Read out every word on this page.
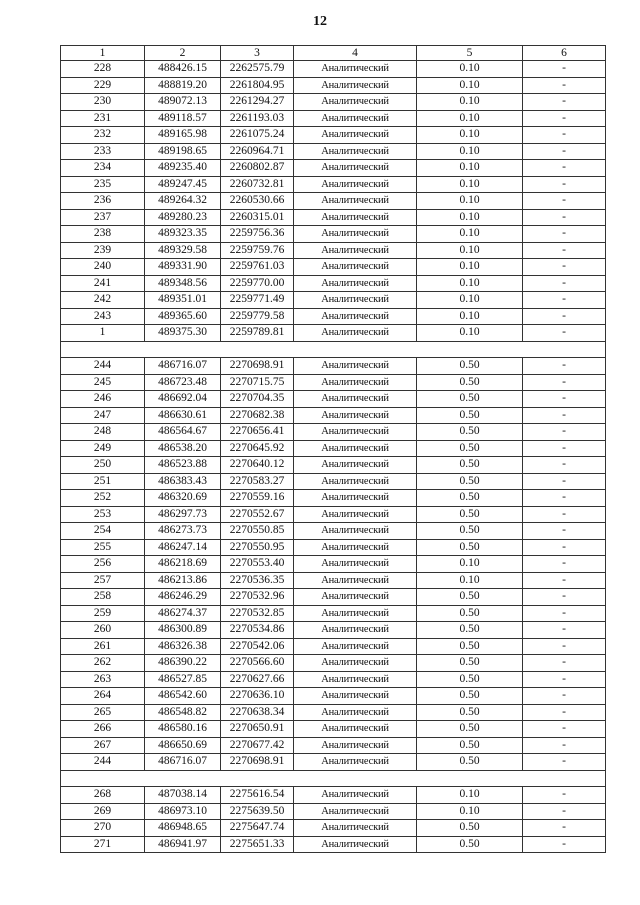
12
1	2	3	4	5	6
228	488426.15	2262575.79	Аналитический	0.10	-
229	488819.20	2261804.95	Аналитический	0.10	-
230	489072.13	2261294.27	Аналитический	0.10	-
231	489118.57	2261193.03	Аналитический	0.10	-
232	489165.98	2261075.24	Аналитический	0.10	-
233	489198.65	2260964.71	Аналитический	0.10	-
234	489235.40	2260802.87	Аналитический	0.10	-
235	489247.45	2260732.81	Аналитический	0.10	-
236	489264.32	2260530.66	Аналитический	0.10	-
237	489280.23	2260315.01	Аналитический	0.10	-
238	489323.35	2259756.36	Аналитический	0.10	-
239	489329.58	2259759.76	Аналитический	0.10	-
240	489331.90	2259761.03	Аналитический	0.10	-
241	489348.56	2259770.00	Аналитический	0.10	-
242	489351.01	2259771.49	Аналитический	0.10	-
243	489365.60	2259779.58	Аналитический	0.10	-
1	489375.30	2259789.81	Аналитический	0.10	-

244	486716.07	2270698.91	Аналитический	0.50	-
245	486723.48	2270715.75	Аналитический	0.50	-
246	486692.04	2270704.35	Аналитический	0.50	-
247	486630.61	2270682.38	Аналитический	0.50	-
248	486564.67	2270656.41	Аналитический	0.50	-
249	486538.20	2270645.92	Аналитический	0.50	-
250	486523.88	2270640.12	Аналитический	0.50	-
251	486383.43	2270583.27	Аналитический	0.50	-
252	486320.69	2270559.16	Аналитический	0.50	-
253	486297.73	2270552.67	Аналитический	0.50	-
254	486273.73	2270550.85	Аналитический	0.50	-
255	486247.14	2270550.95	Аналитический	0.50	-
256	486218.69	2270553.40	Аналитический	0.10	-
257	486213.86	2270536.35	Аналитический	0.10	-
258	486246.29	2270532.96	Аналитический	0.50	-
259	486274.37	2270532.85	Аналитический	0.50	-
260	486300.89	2270534.86	Аналитический	0.50	-
261	486326.38	2270542.06	Аналитический	0.50	-
262	486390.22	2270566.60	Аналитический	0.50	-
263	486527.85	2270627.66	Аналитический	0.50	-
264	486542.60	2270636.10	Аналитический	0.50	-
265	486548.82	2270638.34	Аналитический	0.50	-
266	486580.16	2270650.91	Аналитический	0.50	-
267	486650.69	2270677.42	Аналитический	0.50	-
244	486716.07	2270698.91	Аналитический	0.50	-

268	487038.14	2275616.54	Аналитический	0.10	-
269	486973.10	2275639.50	Аналитический	0.10	-
270	486948.65	2275647.74	Аналитический	0.50	-
271	486941.97	2275651.33	Аналитический	0.50	-
